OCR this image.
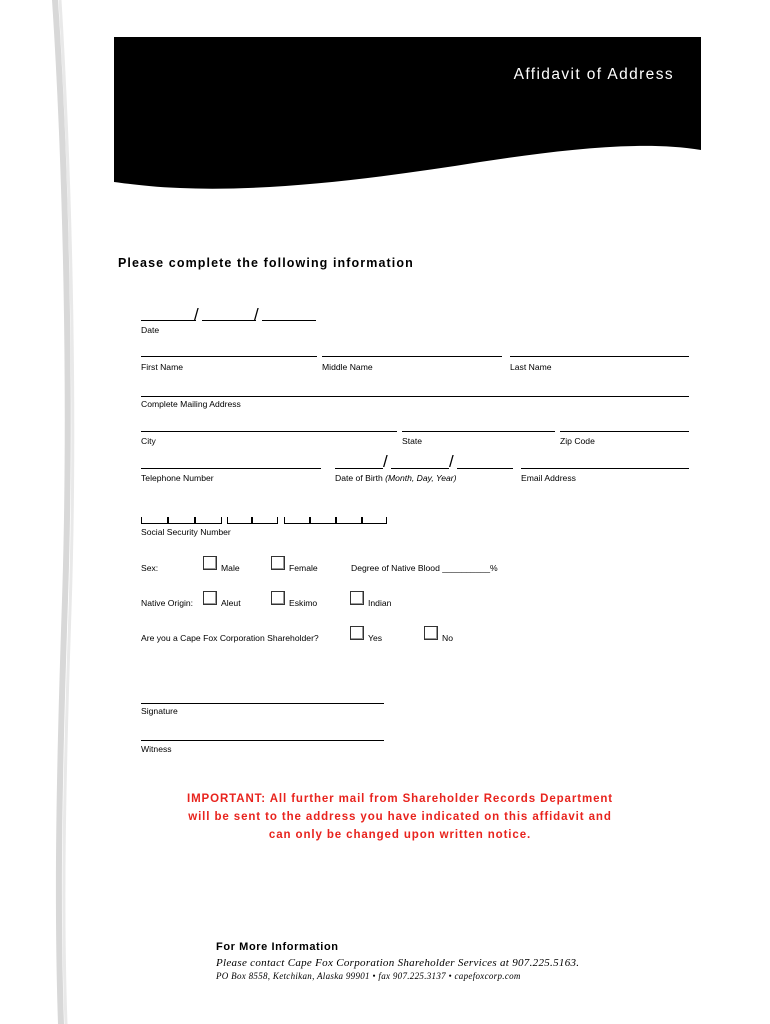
Affidavit of Address
Please complete the following information
/	/
Date
First Name	Middle Name	Last Name
Complete Mailing Address
City	State	Zip Code
/	/
Telephone Number	Date of Birth (Month, Day, Year)	Email Address
Social Security Number
Sex:	Male	Female	Degree of Native Blood __________%
Native Origin:	Aleut	Eskimo	Indian
Are you a Cape Fox Corporation Shareholder?	Yes	No
Signature
Witness
IMPORTANT: All further mail from Shareholder Records Department
will be sent to the address you have indicated on this affidavit and
can only be changed upon written notice.
For More Information
Please contact Cape Fox Corporation Shareholder Services at 907.225.5163.
PO Box 8558, Ketchikan, Alaska 99901 • fax 907.225.3137 • capefoxcorp.com
